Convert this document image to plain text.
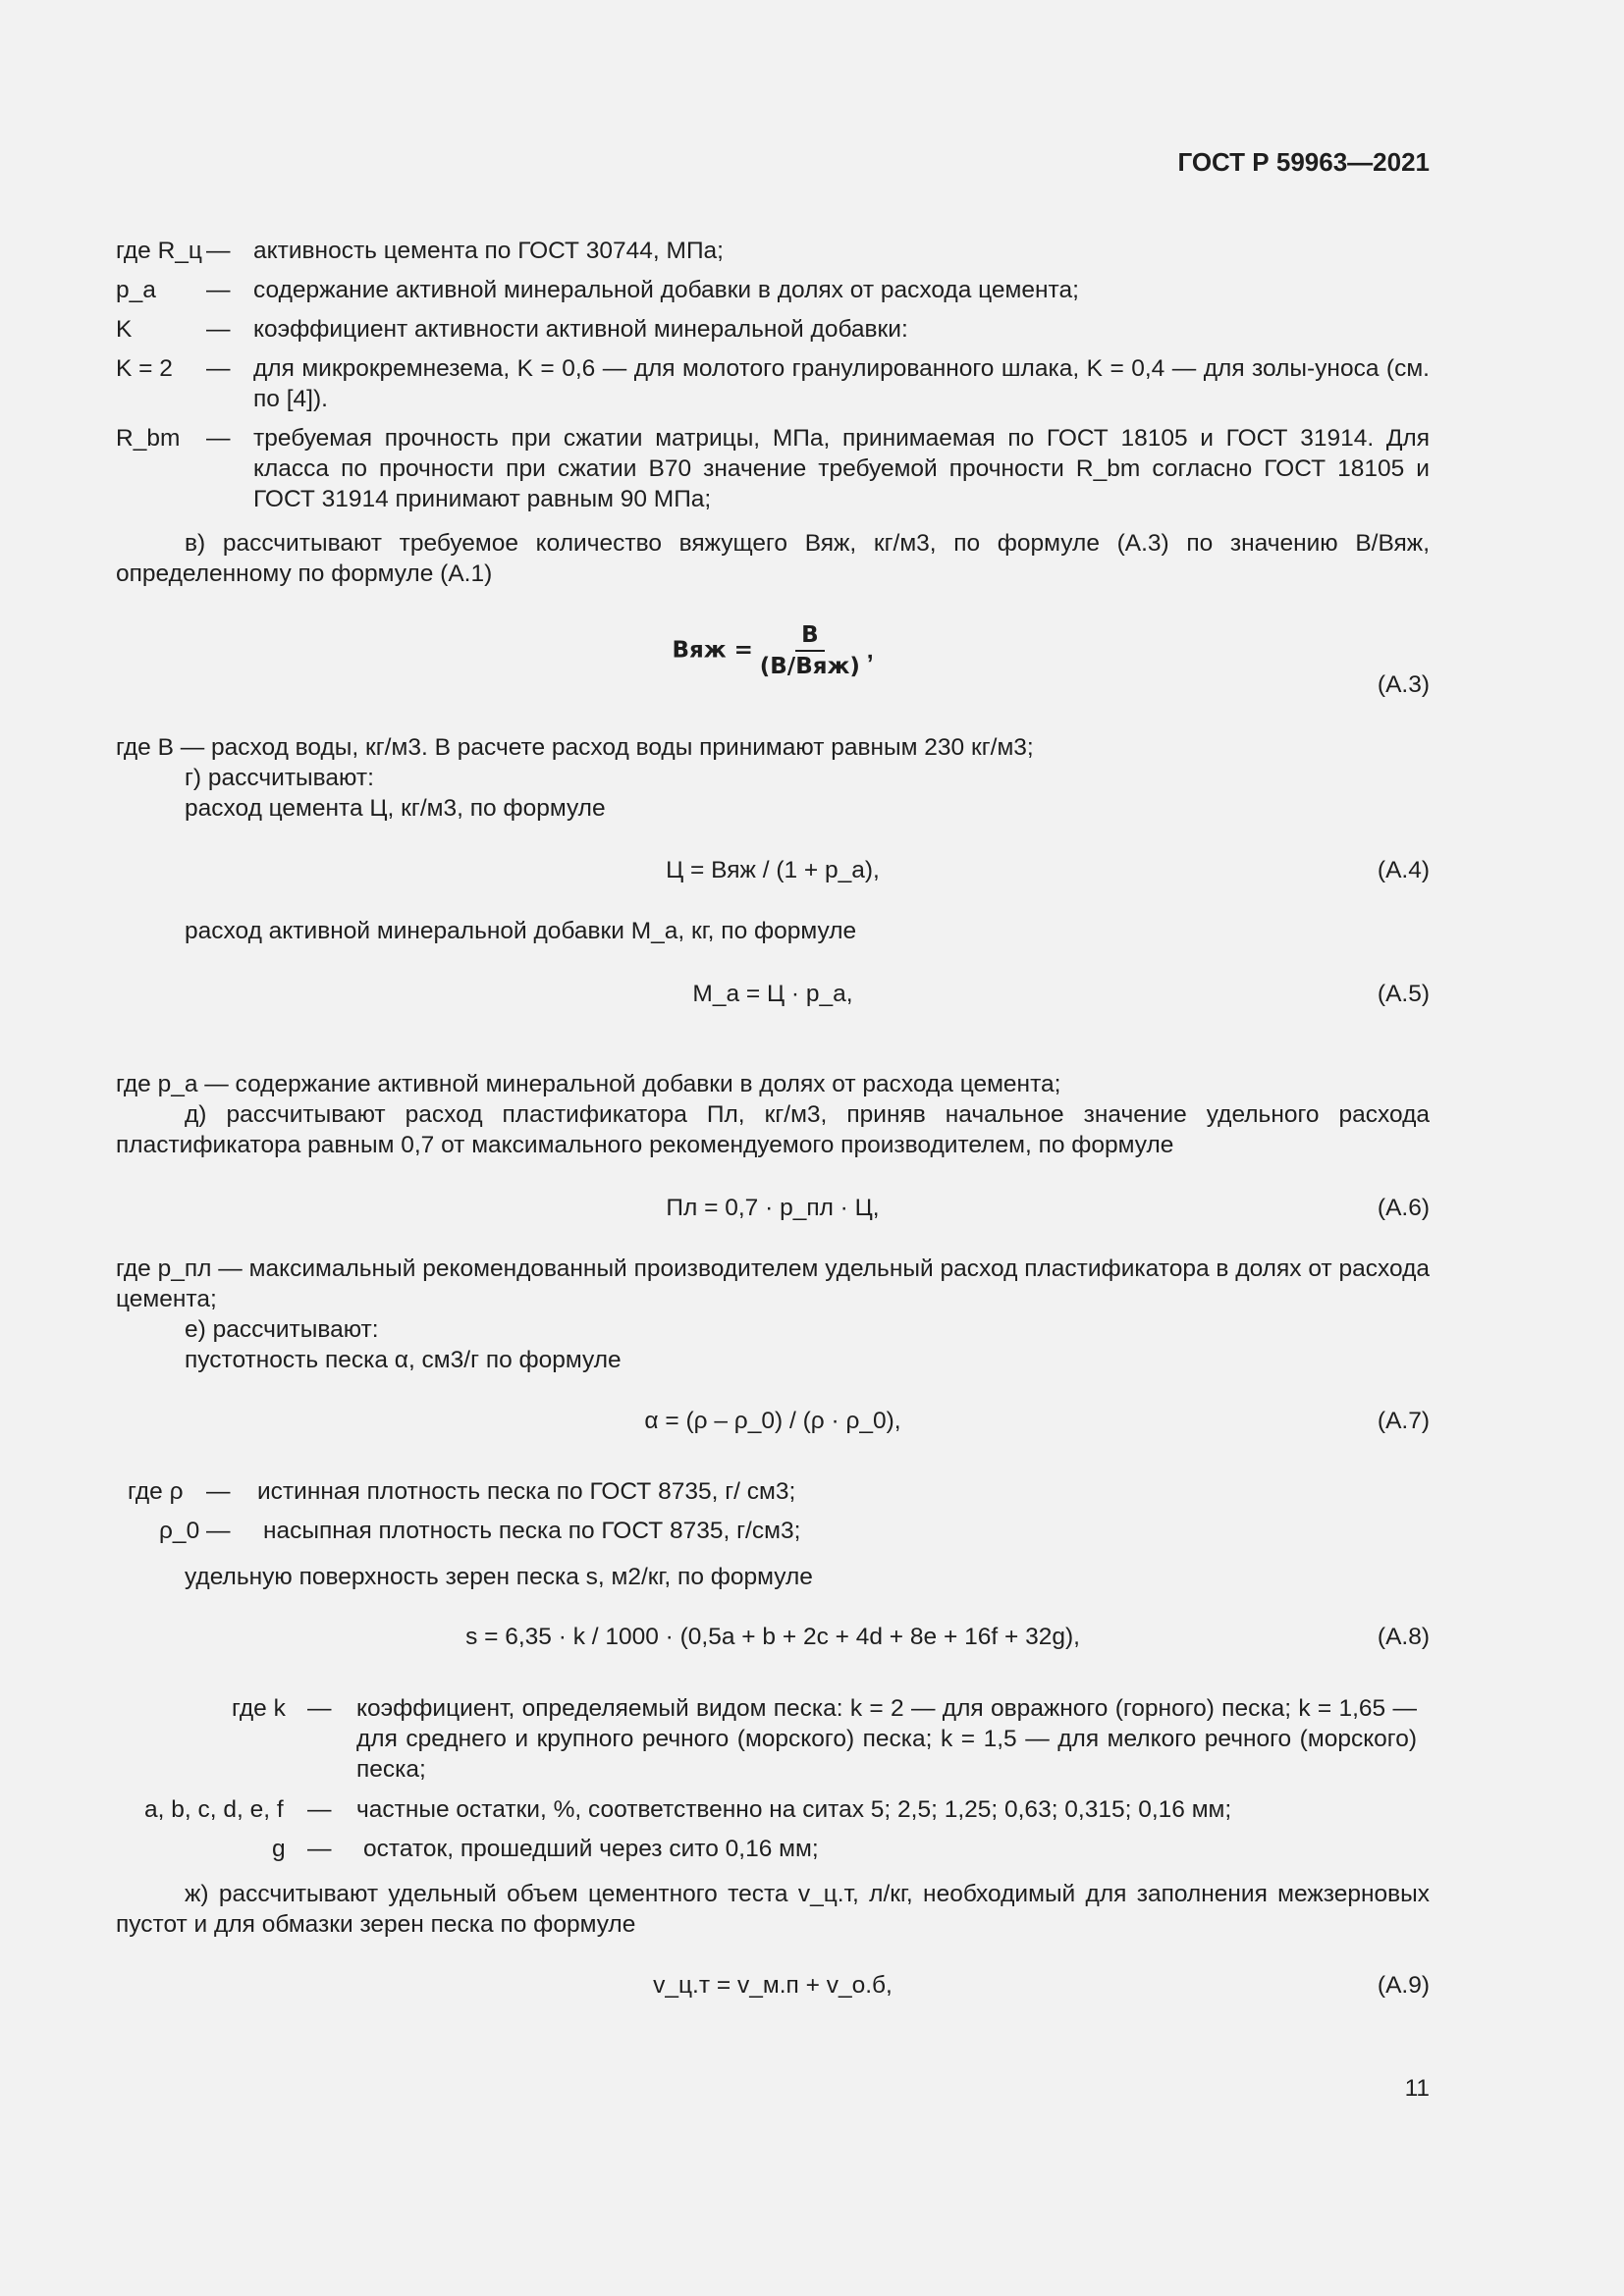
ГОСТ Р 59963—2021
где R_ц — активность цемента по ГОСТ 30744, МПа;
p_a	— содержание активной минеральной добавки в долях от расхода цемента;
K	— коэффициент активности активной минеральной добавки:
K = 2	— для микрокремнезема, K = 0,6 — для молотого гранулированного шлака, K = 0,4 — для золы-уноса (см. по [4]).
R_bm	— требуемая прочность при сжатии матрицы, МПа, принимаемая по ГОСТ 18105 и ГОСТ 31914. Для класса по прочности при сжатии В70 значение требуемой прочности R_bm согласно ГОСТ 18105 и ГОСТ 31914 принимают равным 90 МПа;
в) рассчитывают требуемое количество вяжущего Вяж, кг/м3, по формуле (А.3) по значению В/Вяж, определенному по формуле (А.1)
Вяж = $\frac{В}{\text{(В/Вяж)}}$ ,
(А.3)
где В — расход воды, кг/м3. В расчете расход воды принимают равным 230 кг/м3;
г) рассчитывают:
расход цемента Ц, кг/м3, по формуле
Ц = Вяж / (1 + p_a),	(А.4)
расход активной минеральной добавки M_a, кг, по формуле
M_a = Ц · p_a,	(А.5)
где p_a — содержание активной минеральной добавки в долях от расхода цемента;
д) рассчитывают расход пластификатора Пл, кг/м3, приняв начальное значение удельного расхода пластификатора равным 0,7 от максимального рекомендуемого производителем, по формуле
Пл = 0,7 · p_пл · Ц,	(А.6)
где p_пл — максимальный рекомендованный производителем удельный расход пластификатора в долях от расхода цемента;
е) рассчитывают:
пустотность песка α, см3/г по формуле
α = (ρ – ρ_0) / (ρ · ρ_0),	(А.7)
где ρ — истинная плотность песка по ГОСТ 8735, г/ см3;
ρ_0 — насыпная плотность песка по ГОСТ 8735, г/см3;
удельную поверхность зерен песка s, м2/кг, по формуле
s = 6,35 · k / 1000 · (0,5a + b + 2c + 4d + 8e + 16f + 32g),	(А.8)
где k — коэффициент, определяемый видом песка: k = 2 — для овражного (горного) песка; k = 1,65 — для среднего и крупного речного (морского) песка; k = 1,5 — для мелкого речного (морского) песка;
a, b, c, d, e, f — частные остатки, %, соответственно на ситах 5; 2,5; 1,25; 0,63; 0,315; 0,16 мм;
g — остаток, прошедший через сито 0,16 мм;
ж) рассчитывают удельный объем цементного теста v_ц.т, л/кг, необходимый для заполнения межзерновых пустот и для обмазки зерен песка по формуле
v_ц.т = v_м.п + v_о.б,	(А.9)
11
